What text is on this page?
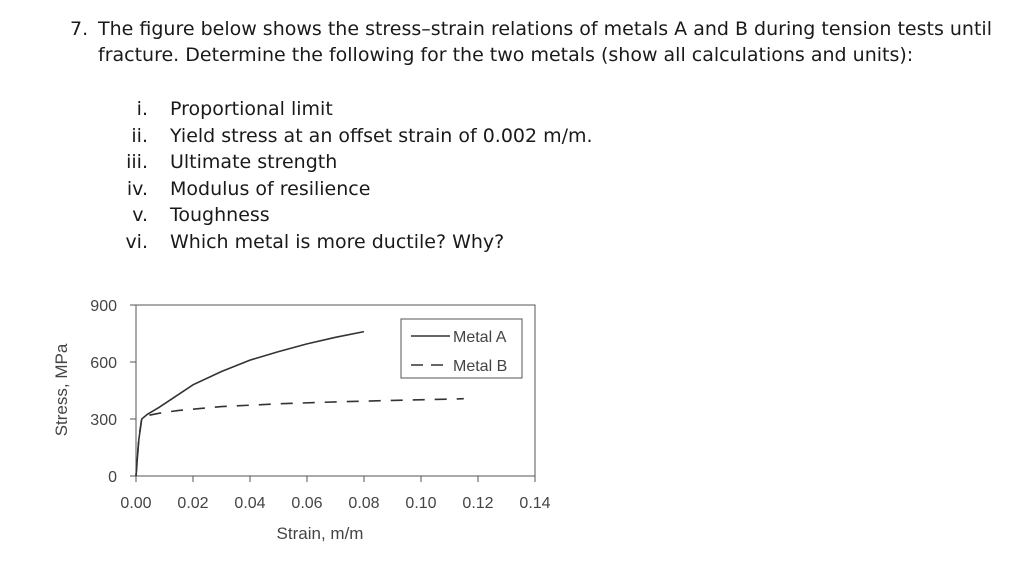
7. The figure below shows the stress–strain relations of metals A and B during tension tests until fracture. Determine the following for the two metals (show all calculations and units):
i. Proportional limit
ii. Yield stress at an offset strain of 0.002 m/m.
iii. Ultimate strength
iv. Modulus of resilience
v. Toughness
vi. Which metal is more ductile? Why?
0.00 0.02 0.04 0.06 0.08 0.10 0.12 0.14
0
300
600
900
Metal A
Metal B
Strain, m/m
Stress, MPa
